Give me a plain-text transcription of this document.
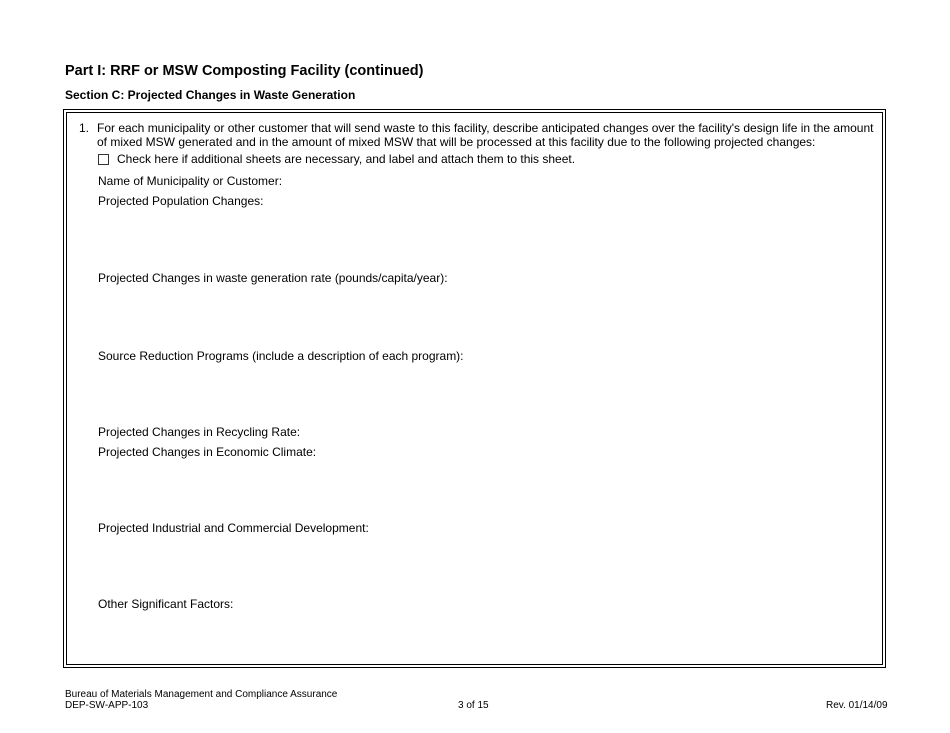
Part I: RRF or MSW Composting Facility (continued)
Section C: Projected Changes in Waste Generation
1. For each municipality or other customer that will send waste to this facility, describe anticipated changes over the facility's design life in the amount of mixed MSW generated and in the amount of mixed MSW that will be processed at this facility due to the following projected changes:
Check here if additional sheets are necessary, and label and attach them to this sheet.
Name of Municipality or Customer:
Projected Population Changes:
Projected Changes in waste generation rate (pounds/capita/year):
Source Reduction Programs (include a description of each program):
Projected Changes in Recycling Rate:
Projected Changes in Economic Climate:
Projected Industrial and Commercial Development:
Other Significant Factors:
Bureau of Materials Management and Compliance Assurance
DEP-SW-APP-103	3 of 15	Rev. 01/14/09
